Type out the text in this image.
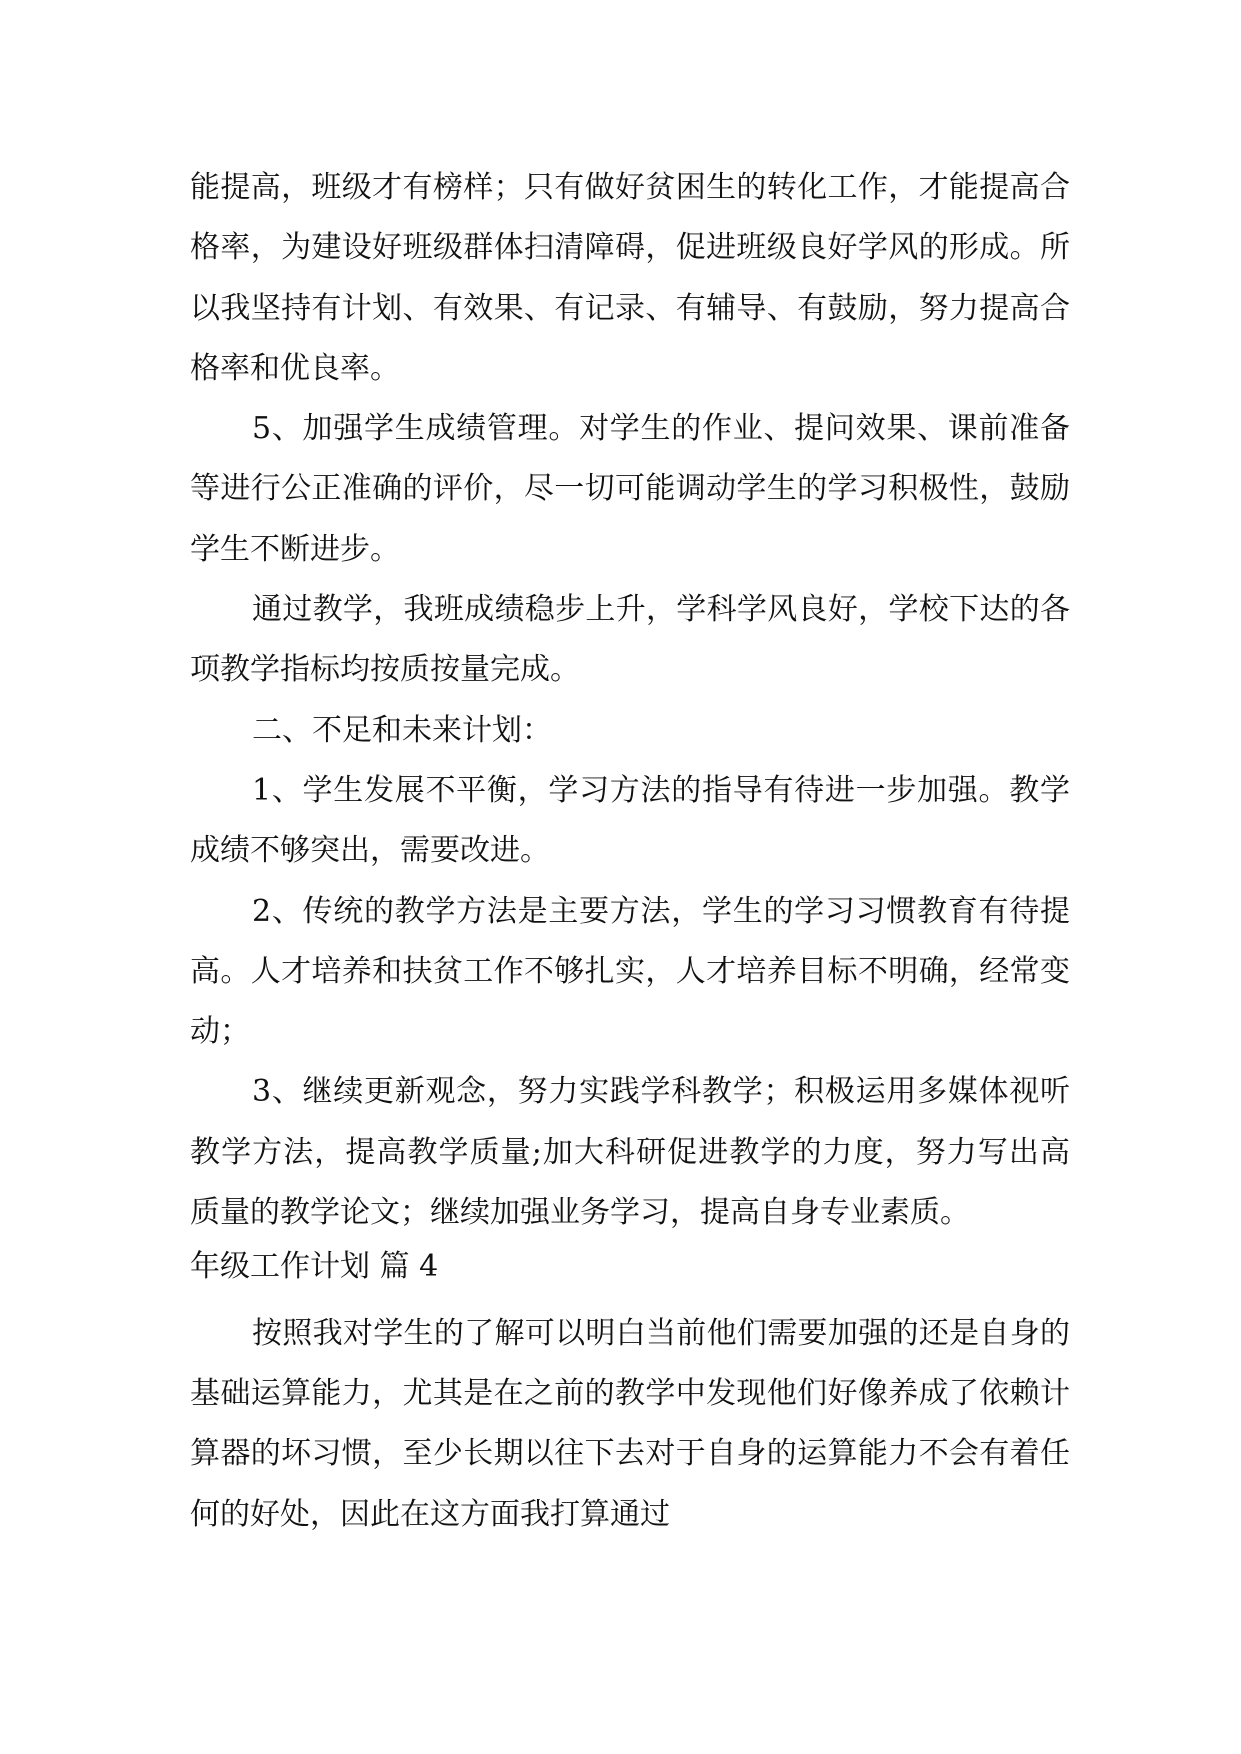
能提高，班级才有榜样；只有做好贫困生的转化工作，才能提高合格率，为建设好班级群体扫清障碍，促进班级良好学风的形成。所以我坚持有计划、有效果、有记录、有辅导、有鼓励，努力提高合格率和优良率。

5、加强学生成绩管理。对学生的作业、提问效果、课前准备等进行公正准确的评价，尽一切可能调动学生的学习积极性，鼓励学生不断进步。

通过教学，我班成绩稳步上升，学科学风良好，学校下达的各项教学指标均按质按量完成。

二、不足和未来计划：

1、学生发展不平衡，学习方法的指导有待进一步加强。教学成绩不够突出，需要改进。

2、传统的教学方法是主要方法，学生的学习习惯教育有待提高。人才培养和扶贫工作不够扎实，人才培养目标不明确，经常变动；

3、继续更新观念，努力实践学科教学；积极运用多媒体视听教学方法，提高教学质量;加大科研促进教学的力度，努力写出高质量的教学论文；继续加强业务学习，提高自身专业素质。

年级工作计划 篇 4

按照我对学生的了解可以明白当前他们需要加强的还是自身的基础运算能力，尤其是在之前的教学中发现他们好像养成了依赖计算器的坏习惯，至少长期以往下去对于自身的运算能力不会有着任何的好处，因此在这方面我打算通过
